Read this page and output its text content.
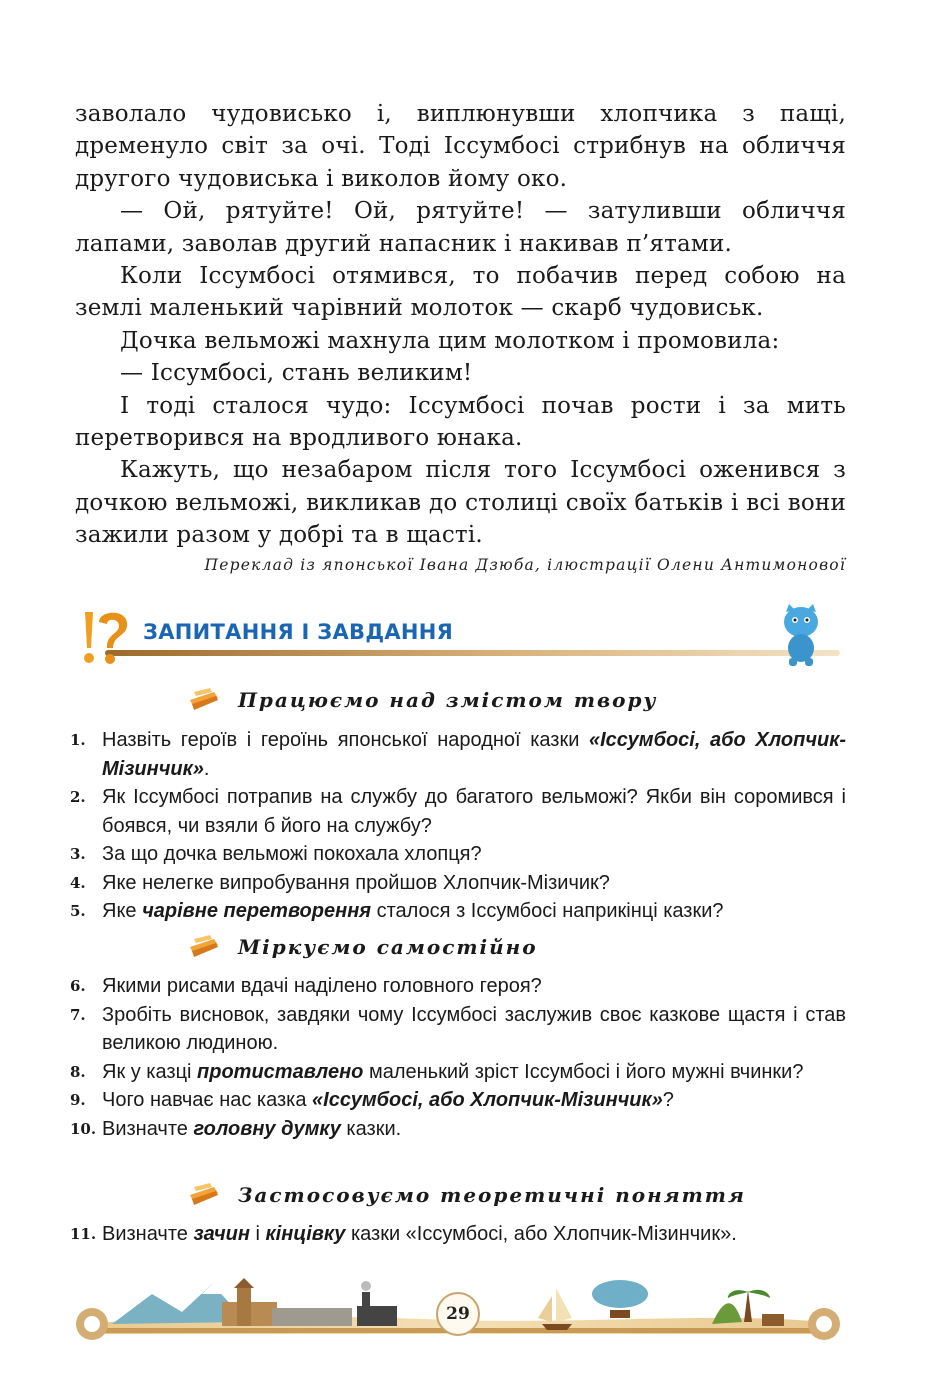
заволало чудовисько і, виплюнувши хлопчика з пащі, дременуло світ за очі. Тоді Іссумбосі стрибнув на обличчя другого чудовиська і виколов йому око.

— Ой, рятуйте! Ой, рятуйте! — затуливши обличчя лапами, заволав другий напасник і накивав п’ятами.

Коли Іссумбосі отямився, то побачив перед собою на землі маленький чарівний молоток — скарб чудовиськ.

Дочка вельможі махнула цим молотком і промовила:

— Іссумбосі, стань великим!

І тоді сталося чудо: Іссумбосі почав рости і за мить перетворився на вродливого юнака.

Кажуть, що незабаром після того Іссумбосі оженився з дочкою вельможі, викликав до столиці своїх батьків і всі вони зажили разом у добрі та в щасті.

Переклад із японської Івана Дзюба, ілюстрації Олени Антимонової
ЗАПИТАННЯ І ЗАВДАННЯ
Працюємо над змістом твору
1. Назвіть героїв і героїнь японської народної казки «Іссумбосі, або Хлопчик-Мізинчик».
2. Як Іссумбосі потрапив на службу до багатого вельможі? Якби він соромився і боявся, чи взяли б його на службу?
3. За що дочка вельможі покохала хлопця?
4. Яке нелегке випробування пройшов Хлопчик-Мізичик?
5. Яке чарівне перетворення сталося з Іссумбосі наприкінці казки?
Міркуємо самостійно
6. Якими рисами вдачі наділено головного героя?
7. Зробіть висновок, завдяки чому Іссумбосі заслужив своє казкове щастя і став великою людиною.
8. Як у казці протиставлено маленький зріст Іссумбосі і його мужні вчинки?
9. Чого навчає нас казка «Іссумбосі, або Хлопчик-Мізинчик»?
10. Визначте головну думку казки.
Застосовуємо теоретичні поняття
11. Визначте зачин і кінцівку казки «Іссумбосі, або Хлопчик-Мізинчик».
29
